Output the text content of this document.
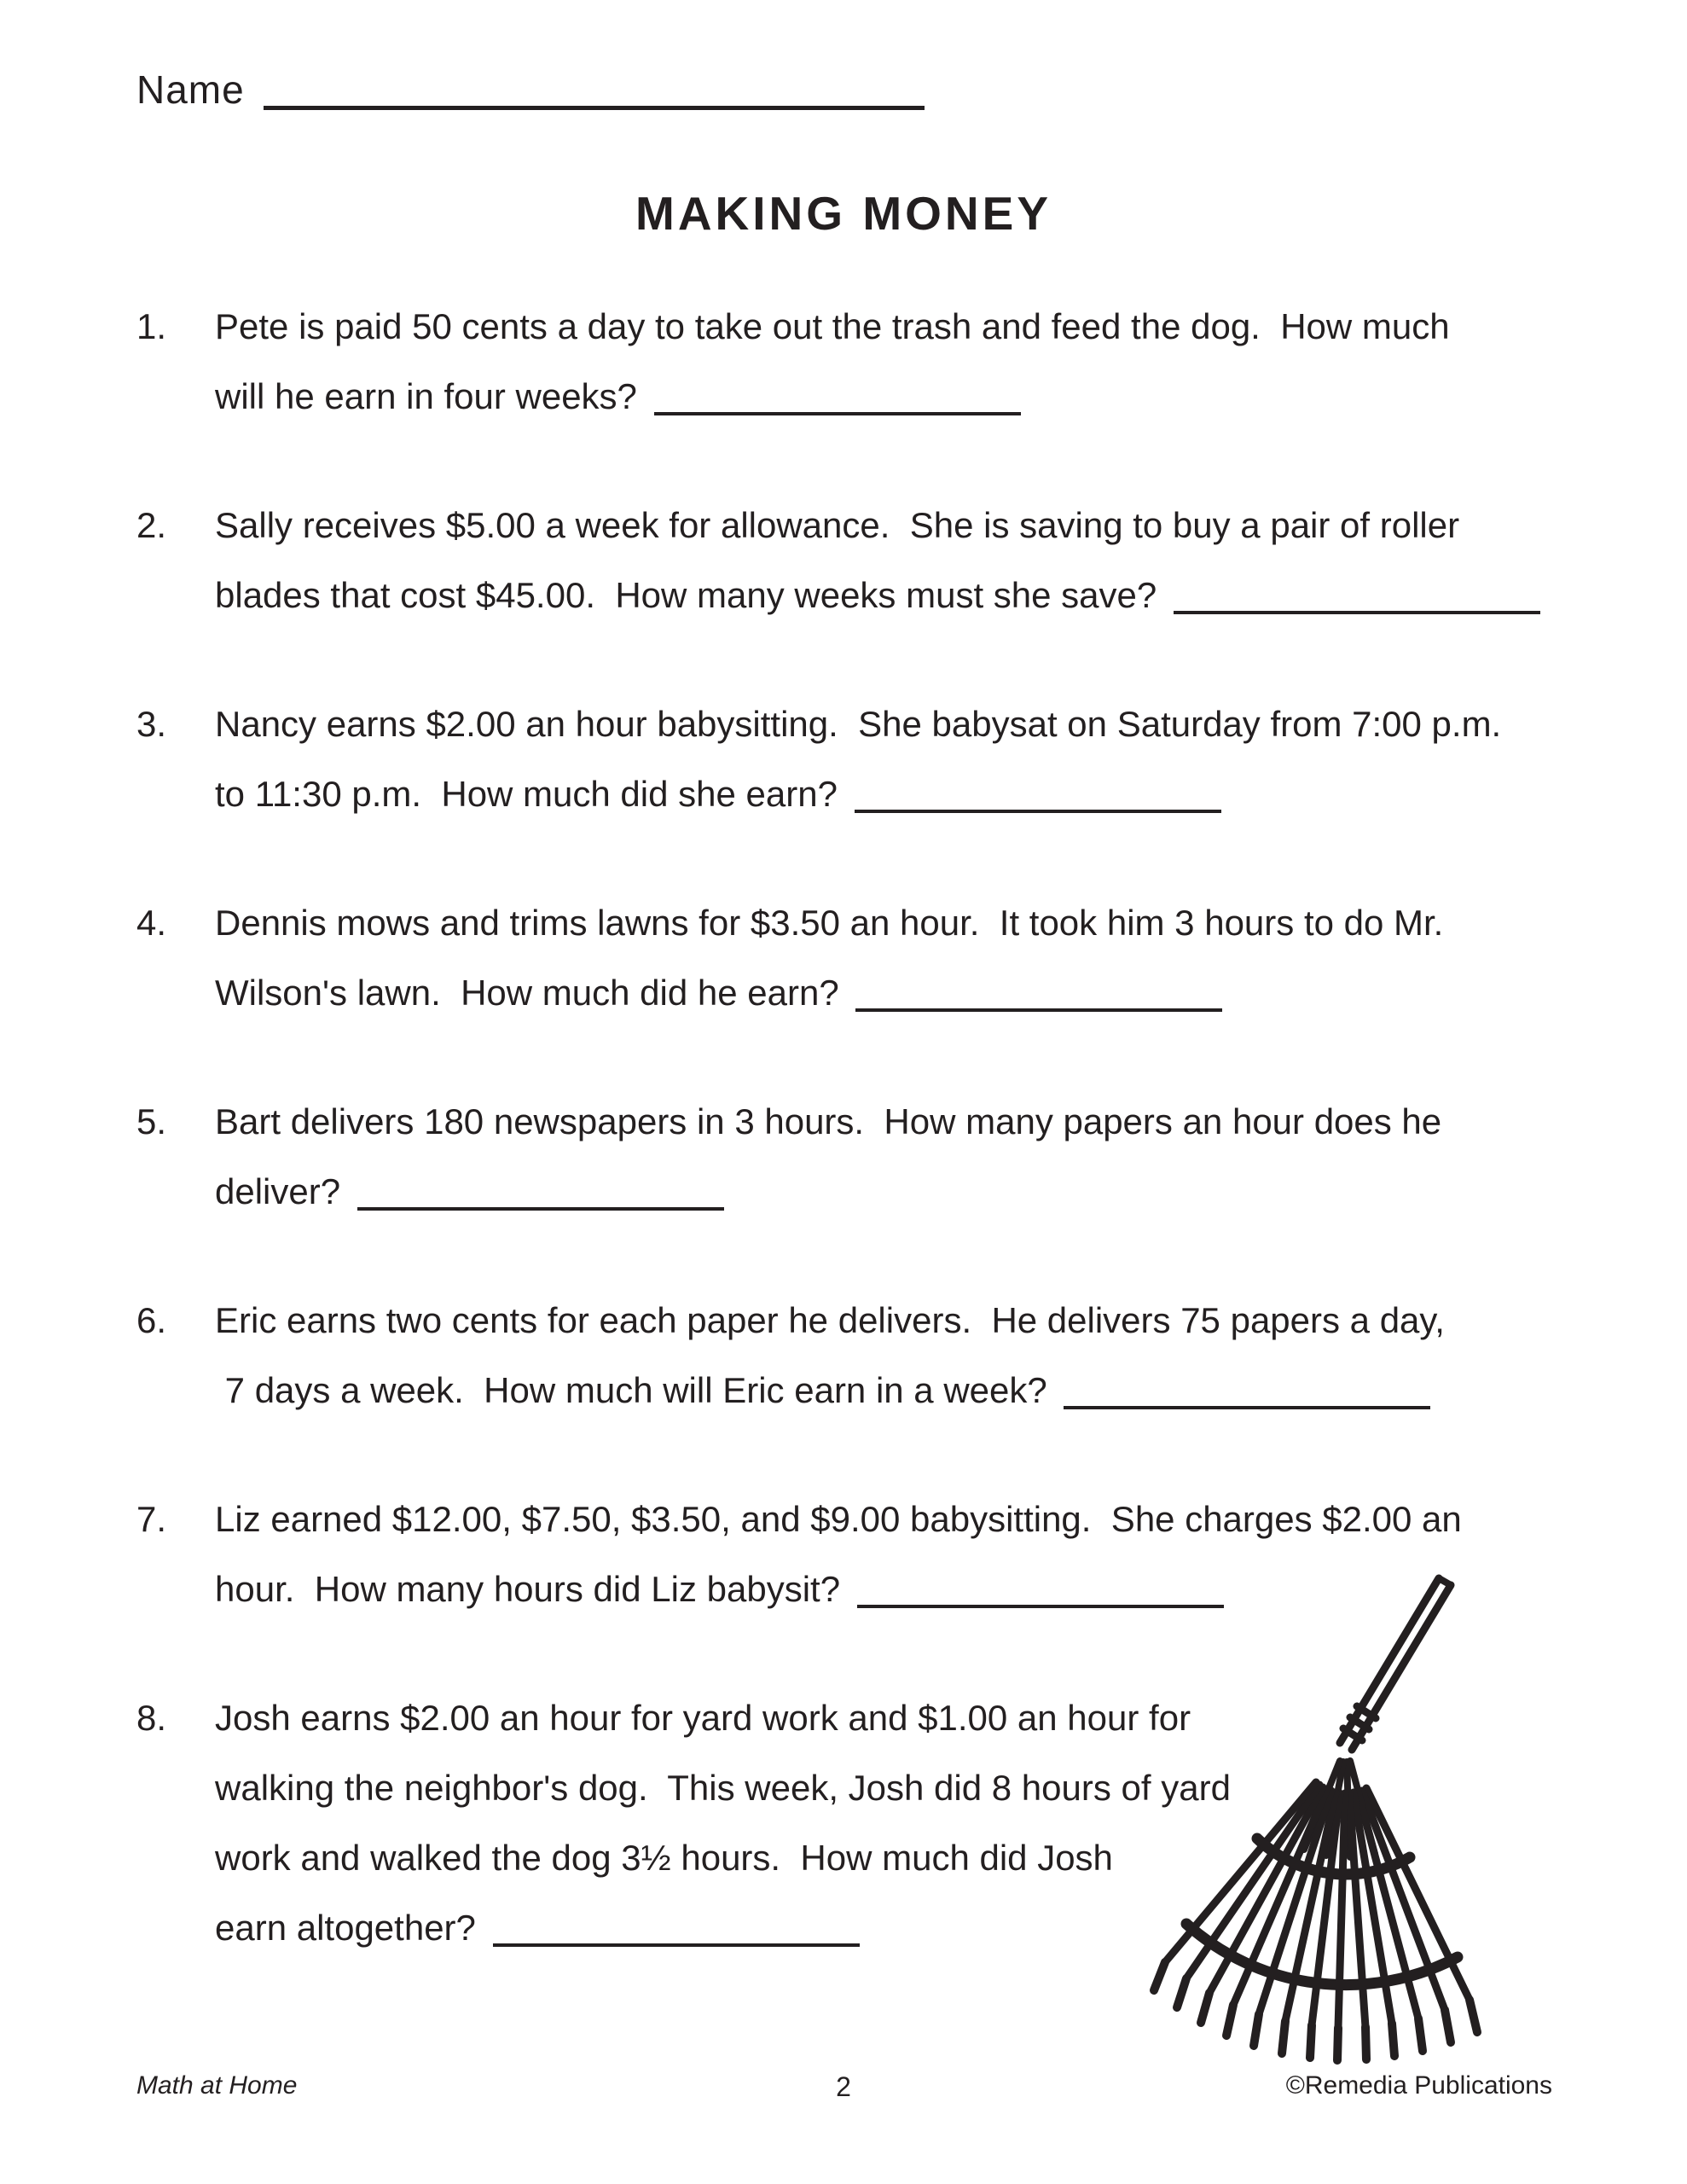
Name
MAKING MONEY
1.	Pete is paid 50 cents a day to take out the trash and feed the dog.  How much
will he earn in four weeks?
2.	Sally receives $5.00 a week for allowance.  She is saving to buy a pair of roller
blades that cost $45.00.  How many weeks must she save?
3.	Nancy earns $2.00 an hour babysitting.  She babysat on Saturday from 7:00 p.m.
to 11:30 p.m.  How much did she earn?
4.	Dennis mows and trims lawns for $3.50 an hour.  It took him 3 hours to do Mr.
Wilson's lawn.  How much did he earn?
5.	Bart delivers 180 newspapers in 3 hours.  How many papers an hour does he
deliver?
6.	Eric earns two cents for each paper he delivers.  He delivers 75 papers a day,
7 days a week.  How much will Eric earn in a week?
7.	Liz earned $12.00, $7.50, $3.50, and $9.00 babysitting.  She charges $2.00 an
hour.  How many hours did Liz babysit?
8.	Josh earns $2.00 an hour for yard work and $1.00 an hour for
walking the neighbor's dog.  This week, Josh did 8 hours of yard
work and walked the dog 3½ hours.  How much did Josh
earn altogether?
Math at Home	2	©Remedia Publications
